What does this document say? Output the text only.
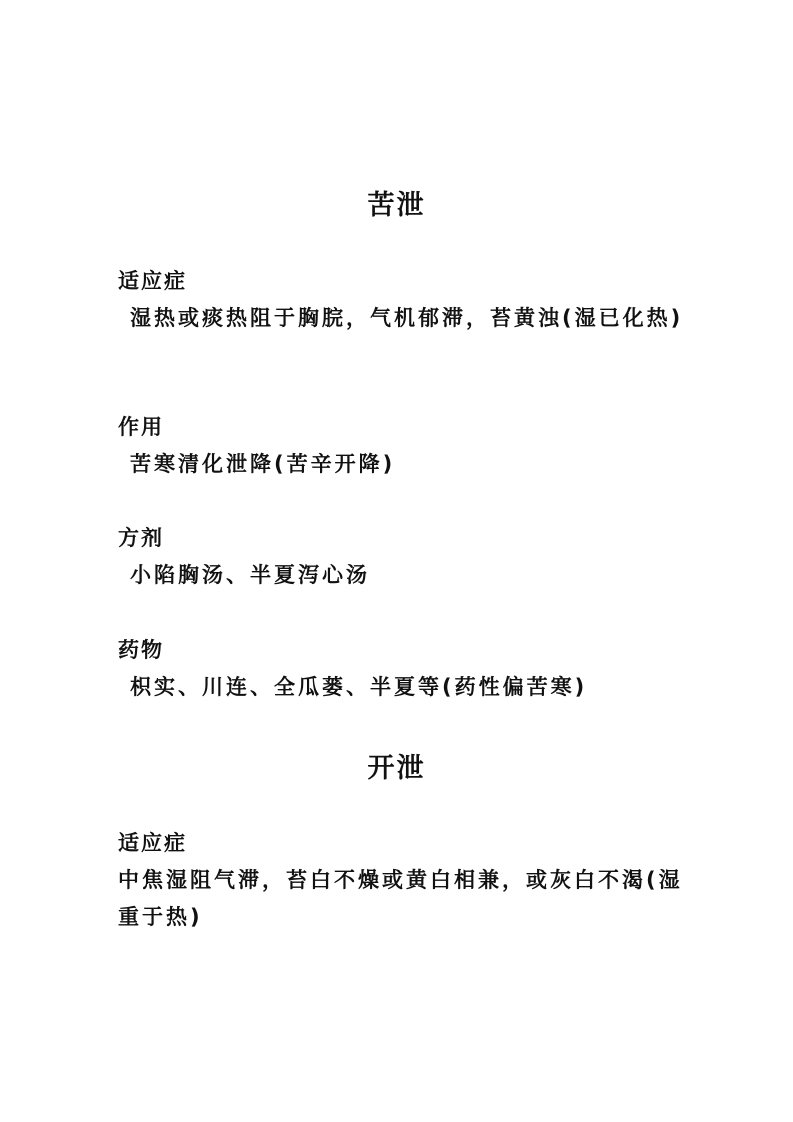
苦泄
适应症
湿热或痰热阻于胸脘，气机郁滞，苔黄浊(湿已化热)
作用
苦寒清化泄降(苦辛开降)
方剂
小陷胸汤、半夏泻心汤
药物
枳实、川连、全瓜蒌、半夏等(药性偏苦寒)
开泄
适应症
中焦湿阻气滞，苔白不燥或黄白相兼，或灰白不渴(湿重于热)
